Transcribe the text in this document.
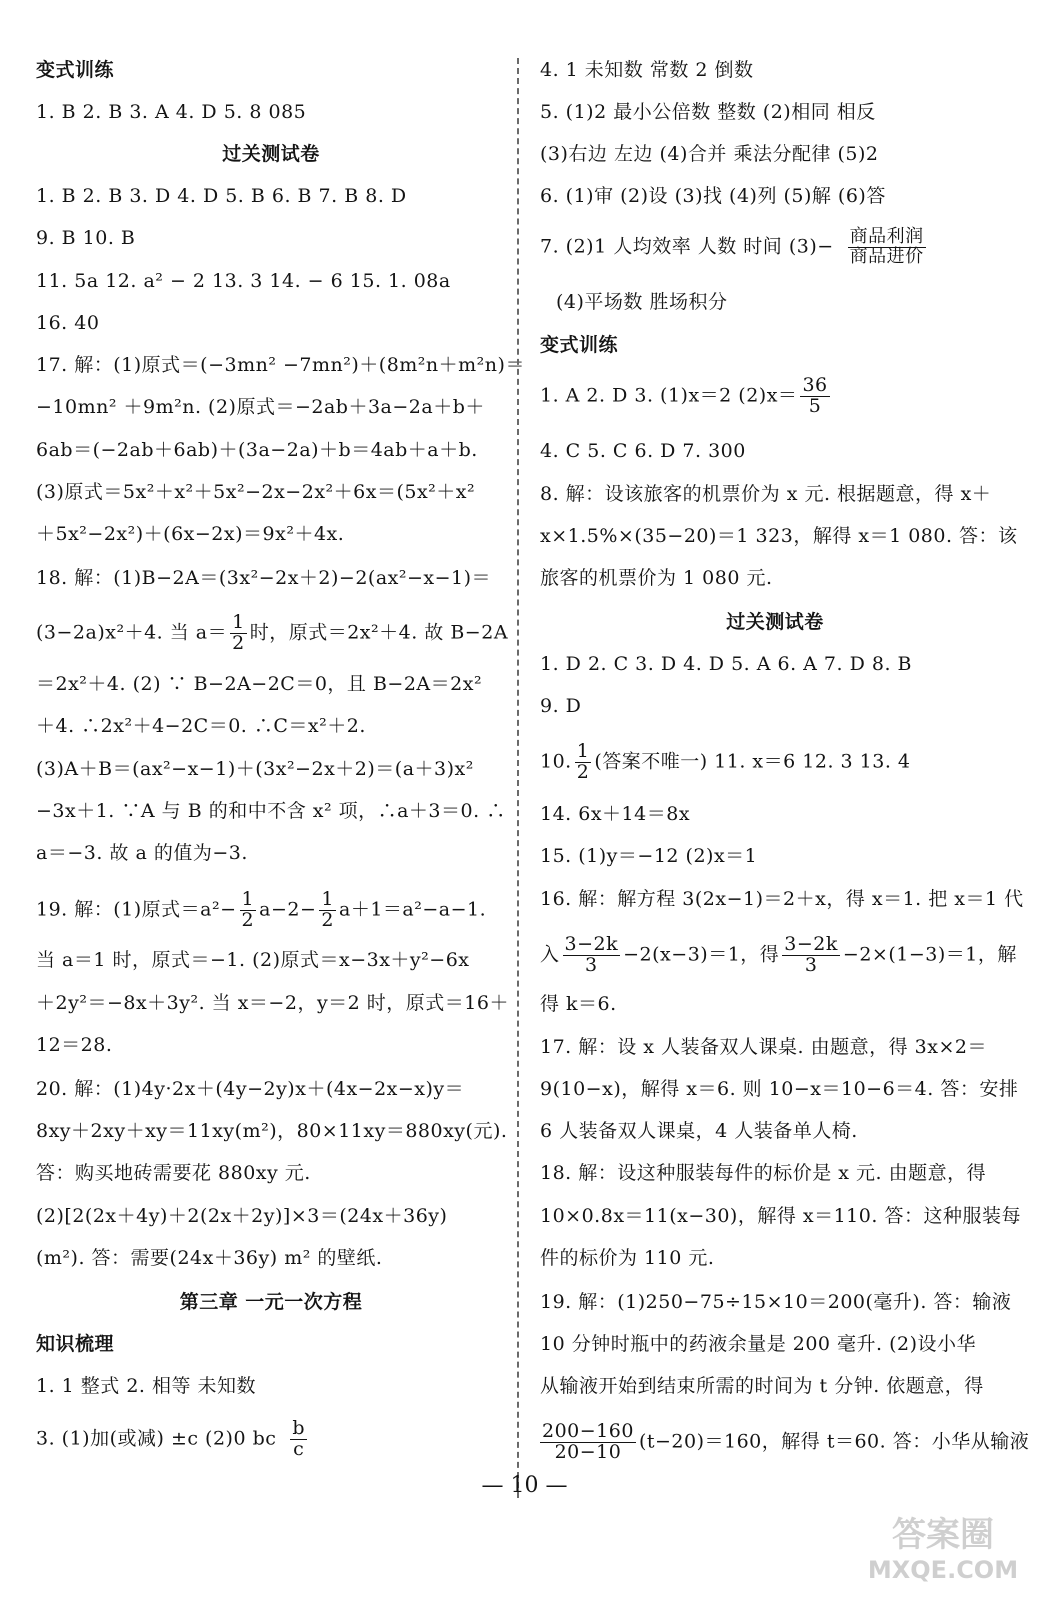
变式训练
1. B 2. B 3. A 4. D 5. 8 085
过关测试卷
1. B 2. B 3. D 4. D 5. B 6. B 7. B 8. D
9. B 10. B
11. 5a 12. a² − 2 13. 3 14. − 6 15. 1. 08a
16. 40
17. 解：(1)原式＝(−3mn² −7mn²)＋(8m²n＋m²n)＝
−10mn² ＋9m²n. (2)原式＝−2ab＋3a−2a＋b＋
6ab＝(−2ab＋6ab)＋(3a−2a)＋b＝4ab＋a＋b.
(3)原式＝5x²＋x²＋5x²−2x−2x²＋6x＝(5x²＋x²
＋5x²−2x²)＋(6x−2x)＝9x²＋4x.
18. 解：(1)B−2A＝(3x²−2x＋2)−2(ax²−x−1)＝
(3−2a)x²＋4. 当 $a= \frac{1}{2}$ 时，原式＝2x²＋4. 故 B−2A
＝2x²＋4. (2) ∵ B−2A−2C＝0，且 B−2A＝2x²
＋4. ∴2x²＋4−2C＝0. ∴C＝x²＋2.
(3)A＋B＝(ax²−x−1)＋(3x²−2x＋2)＝(a＋3)x²
−3x＋1. ∵A 与 B 的和中不含 x² 项，∴a＋3＝0. ∴
a＝−3. 故 a 的值为−3.
19. 解：(1)原式$=a^2- \frac{1}{2} a-2- \frac{1}{2} a+1=a^2-a-1$.
当 a＝1 时，原式＝−1. (2)原式＝x−3x＋y²−6x
＋2y²＝−8x＋3y². 当 x＝−2，y＝2 时，原式＝16＋
12＝28.
20. 解：(1)4y·2x＋(4y−2y)x＋(4x−2x−x)y＝
8xy＋2xy＋xy＝11xy(m²)，80×11xy＝880xy(元).
答：购买地砖需要花 880xy 元.
(2)[2(2x＋4y)＋2(2x＋2y)]×3＝(24x＋36y)
(m²). 答：需要(24x＋36y) m² 的壁纸.
第三章 一元一次方程
知识梳理
1. 1 整式 2. 相等 未知数
3. (1)加(或减) ±c (2)0 bc $\frac{b}{c}$
4. 1 未知数 常数 2 倒数
5. (1)2 最小公倍数 整数 (2)相同 相反
(3)右边 左边 (4)合并 乘法分配律 (5)2
6. (1)审 (2)设 (3)找 (4)列 (5)解 (6)答
7. (2)1 人均效率 人数 时间 $(3)- \frac{\text{商品利润}}{\text{商品进价}}$
(4)平场数 胜场积分
变式训练
1. A 2. D 3. (1)x＝2 $(2)x= \frac{36}{5}$
4. C 5. C 6. D 7. 300
8. 解：设该旅客的机票价为 x 元. 根据题意，得 x＋
x×1.5%×(35−20)＝1 323，解得 x＝1 080. 答：该
旅客的机票价为 1 080 元.
过关测试卷
1. D 2. C 3. D 4. D 5. A 6. A 7. D 8. B
9. D
10. $\frac{1}{2}$ (答案不唯一) 11. x＝6 12. 3 13. 4
14. 6x＋14＝8x
15. (1)y＝−12 (2)x＝1
16. 解：解方程 3(2x−1)＝2＋x，得 x＝1. 把 x＝1 代
入 $\frac{3-2k}{3} -2(x-3)=1$，得 $\frac{3-2k}{3} -2\times(1-3)=1$，解
得 k＝6.
17. 解：设 x 人装备双人课桌. 由题意，得 3x×2＝
9(10−x)，解得 x＝6. 则 10−x＝10−6＝4. 答：安排
6 人装备双人课桌，4 人装备单人椅.
18. 解：设这种服装每件的标价是 x 元. 由题意，得
10×0.8x＝11(x−30)，解得 x＝110. 答：这种服装每
件的标价为 110 元.
19. 解：(1)250−75÷15×10＝200(毫升). 答：输液
10 分钟时瓶中的药液余量是 200 毫升. (2)设小华
从输液开始到结束所需的时间为 t 分钟. 依题意，得
$\frac{200-160}{20-10} (t-20)=160$，解得 t＝60. 答：小华从输液
— 10 —
答案圈
MXQE.COM
